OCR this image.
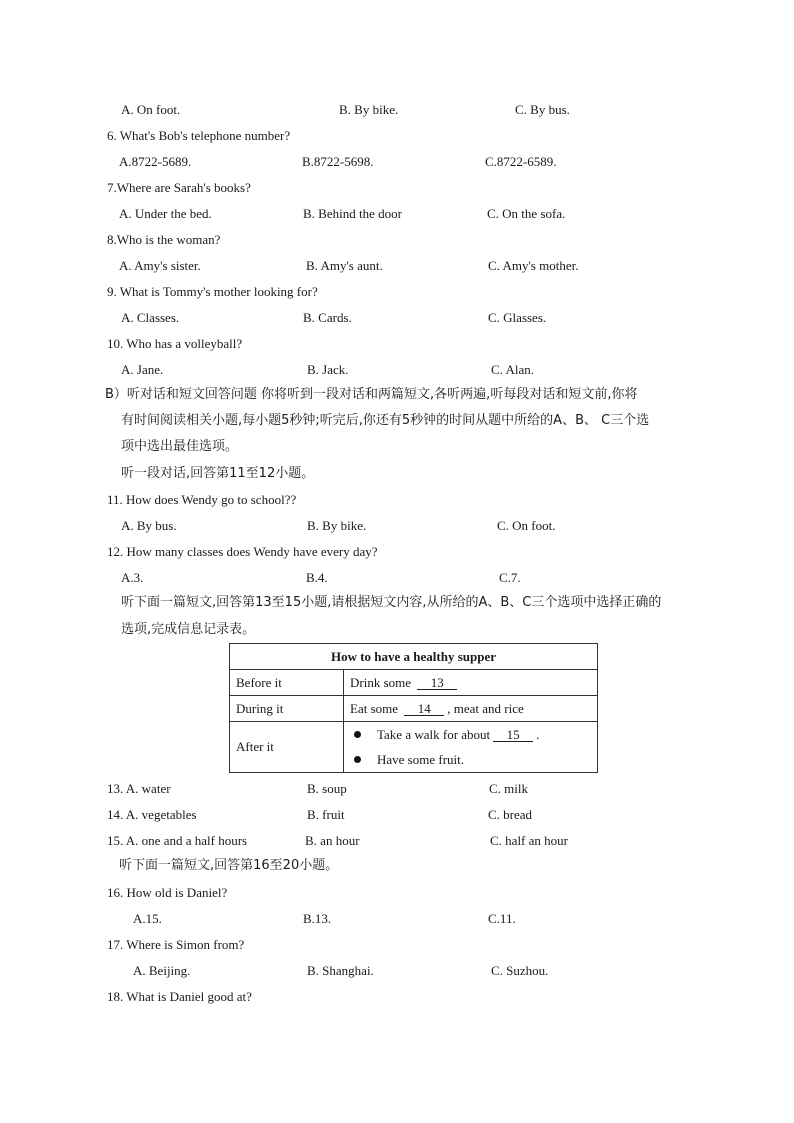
A. On foot.	B. By bike.	C. By bus.
6. What's Bob's telephone number?
A.8722-5689.	B.8722-5698.	C.8722-6589.
7.Where are Sarah's books?
A. Under the bed.	B. Behind the door	C. On the sofa.
8.Who is the woman?
A. Amy's sister.	B. Amy's aunt.	C. Amy's mother.
9. What is Tommy's mother looking for?
A. Classes.	B. Cards.	C. Glasses.
10. Who has a volleyball?
A. Jane.	B. Jack.	C. Alan.
B）听对话和短文回答问题 你将听到一段对话和两篇短文,各听两遍,听每段对话和短文前,你将
有时间阅读相关小题,每小题5秒钟;听完后,你还有5秒钟的时间从题中所给的A、B、 C三个选
项中选出最佳选项。
听一段对话,回答第11至12小题。
11. How does Wendy go to school??
A. By bus.	B. By bike.	C. On foot.
12. How many classes does Wendy have every day?
A.3.	B.4.	C.7.
听下面一篇短文,回答第13至15小题,请根据短文内容,从所给的A、B、C三个选项中选择正确的
选项,完成信息记录表。
How to have a healthy supper	
Before it	Drink some 13
During it	Eat some 14 , meat and rice
After it	Take a walk for about 15 .
Have some fruit.
13. A. water	B. soup	C. milk
14. A. vegetables	B. fruit	C. bread
15. A. one and a half hours	B. an hour	C. half an hour
听下面一篇短文,回答第16至20小题。
16. How old is Daniel?
A.15.	B.13.	C.11.
17. Where is Simon from?
A. Beijing.	B. Shanghai.	C. Suzhou.
18. What is Daniel good at?
